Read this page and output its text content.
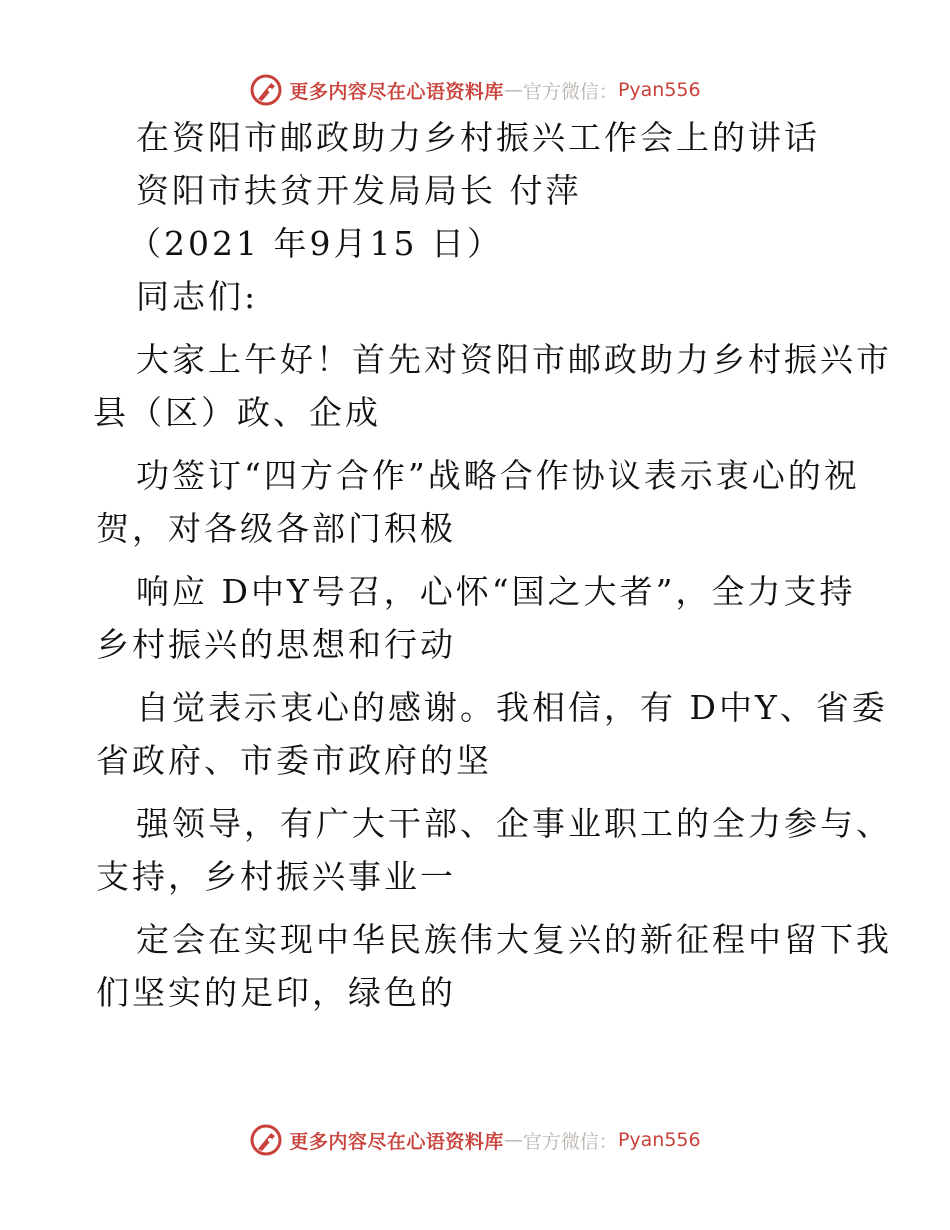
更多内容尽在心语资料库 — 官方微信： Pyan556

在资阳市邮政助力乡村振兴工作会上的讲话

资阳市扶贫开发局局长 付萍

（2021 年9月15 日）

同志们:

大家上午好！首先对资阳市邮政助力乡村振兴市

县（区）政、企成

功签订“四方合作”战略合作协议表示衷心的祝

贺，对各级各部门积极

响应 D中Y号召，心怀“国之大者”，全力支持

乡村振兴的思想和行动

自觉表示衷心的感谢。我相信，有 D中Y、省委

省政府、市委市政府的坚

强领导，有广大干部、企事业职工的全力参与、

支持，乡村振兴事业一

定会在实现中华民族伟大复兴的新征程中留下我

们坚实的足印，绿色的

更多内容尽在心语资料库 — 官方微信： Pyan556
